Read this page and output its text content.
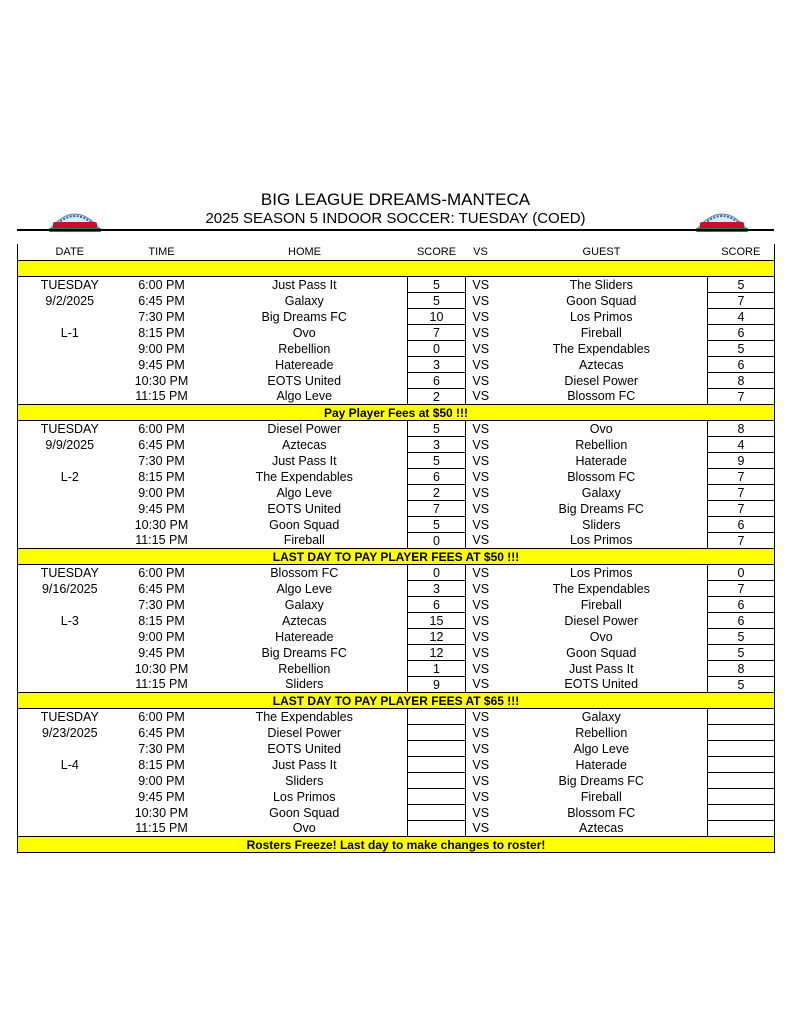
BIG LEAGUE DREAMS-MANTECA
2025 SEASON 5 INDOOR SOCCER: TUESDAY (COED)
DATE	TIME	HOME	SCORE	VS	GUEST	SCORE

TUESDAY	6:00 PM	Just Pass It	5	VS	The Sliders	5
9/2/2025	6:45 PM	Galaxy	5	VS	Goon Squad	7
	7:30 PM	Big Dreams FC	10	VS	Los Primos	4
L-1	8:15 PM	Ovo	7	VS	Fireball	6
	9:00 PM	Rebellion	0	VS	The Expendables	5
	9:45 PM	Hatereade	3	VS	Aztecas	6
	10:30 PM	EOTS United	6	VS	Diesel Power	8
	11:15 PM	Algo Leve	2	VS	Blossom FC	7
Pay Player Fees at $50 !!!						
TUESDAY	6:00 PM	Diesel Power	5	VS	Ovo	8
9/9/2025	6:45 PM	Aztecas	3	VS	Rebellion	4
	7:30 PM	Just Pass It	5	VS	Haterade	9
L-2	8:15 PM	The Expendables	6	VS	Blossom FC	7
	9:00 PM	Algo Leve	2	VS	Galaxy	7
	9:45 PM	EOTS United	7	VS	Big Dreams FC	7
	10:30 PM	Goon Squad	5	VS	Sliders	6
	11:15 PM	Fireball	0	VS	Los Primos	7
LAST DAY TO PAY PLAYER FEES AT $50 !!!						
TUESDAY	6:00 PM	Blossom FC	0	VS	Los Primos	0
9/16/2025	6:45 PM	Algo Leve	3	VS	The Expendables	7
	7:30 PM	Galaxy	6	VS	Fireball	6
L-3	8:15 PM	Aztecas	15	VS	Diesel Power	6
	9:00 PM	Hatereade	12	VS	Ovo	5
	9:45 PM	Big Dreams FC	12	VS	Goon Squad	5
	10:30 PM	Rebellion	1	VS	Just Pass It	8
	11:15 PM	Sliders	9	VS	EOTS United	5
LAST DAY TO PAY PLAYER FEES AT $65 !!!						
TUESDAY	6:00 PM	The Expendables		VS	Galaxy	
9/23/2025	6:45 PM	Diesel Power		VS	Rebellion	
	7:30 PM	EOTS United		VS	Algo Leve	
L-4	8:15 PM	Just Pass It		VS	Haterade	
	9:00 PM	Sliders		VS	Big Dreams FC	
	9:45 PM	Los Primos		VS	Fireball	
	10:30 PM	Goon Squad		VS	Blossom FC	
	11:15 PM	Ovo		VS	Aztecas	
Rosters Freeze! Last day to make changes to roster!						
